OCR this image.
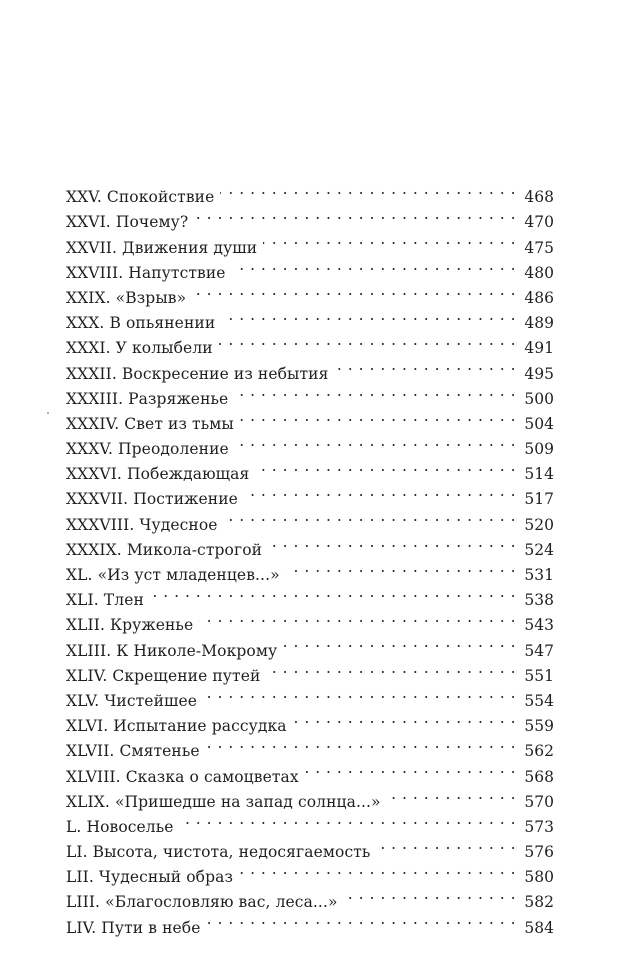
XXV. Спокойствие . . .	468
XXVI. Почему? . . .	470
XXVII. Движения души . . .	475
XXVIII. Напутствие . . .	480
XXIX. «Взрыв» . . .	486
XXX. В опьянении . . .	489
XXXI. У колыбели . . .	491
XXXII. Воскресение из небытия . . .	495
XXXIII. Разряженье . . .	500
XXXIV. Свет из тьмы . . .	504
XXXV. Преодоление . . .	509
XXXVI. Побеждающая . . .	514
XXXVII. Постижение . . .	517
XXXVIII. Чудесное . . .	520
XXXIX. Микола-строгой . . .	524
XL. «Из уст младенцев...» . . .	531
XLI. Тлен . . .	538
XLII. Круженье . . .	543
XLIII. К Николе-Мокрому . . .	547
XLIV. Скрещение путей . . .	551
XLV. Чистейшее . . .	554
XLVI. Испытание рассудка . . .	559
XLVII. Смятенье . . .	562
XLVIII. Сказка о самоцветах . . .	568
XLIX. «Пришедше на запад солнца...» . . .	570
L. Новоселье . . .	573
LI. Высота, чистота, недосягаемость . . .	576
LII. Чудесный образ . . .	580
LIII. «Благословляю вас, леса...» . . .	582
LIV. Пути в небе . . .	584
